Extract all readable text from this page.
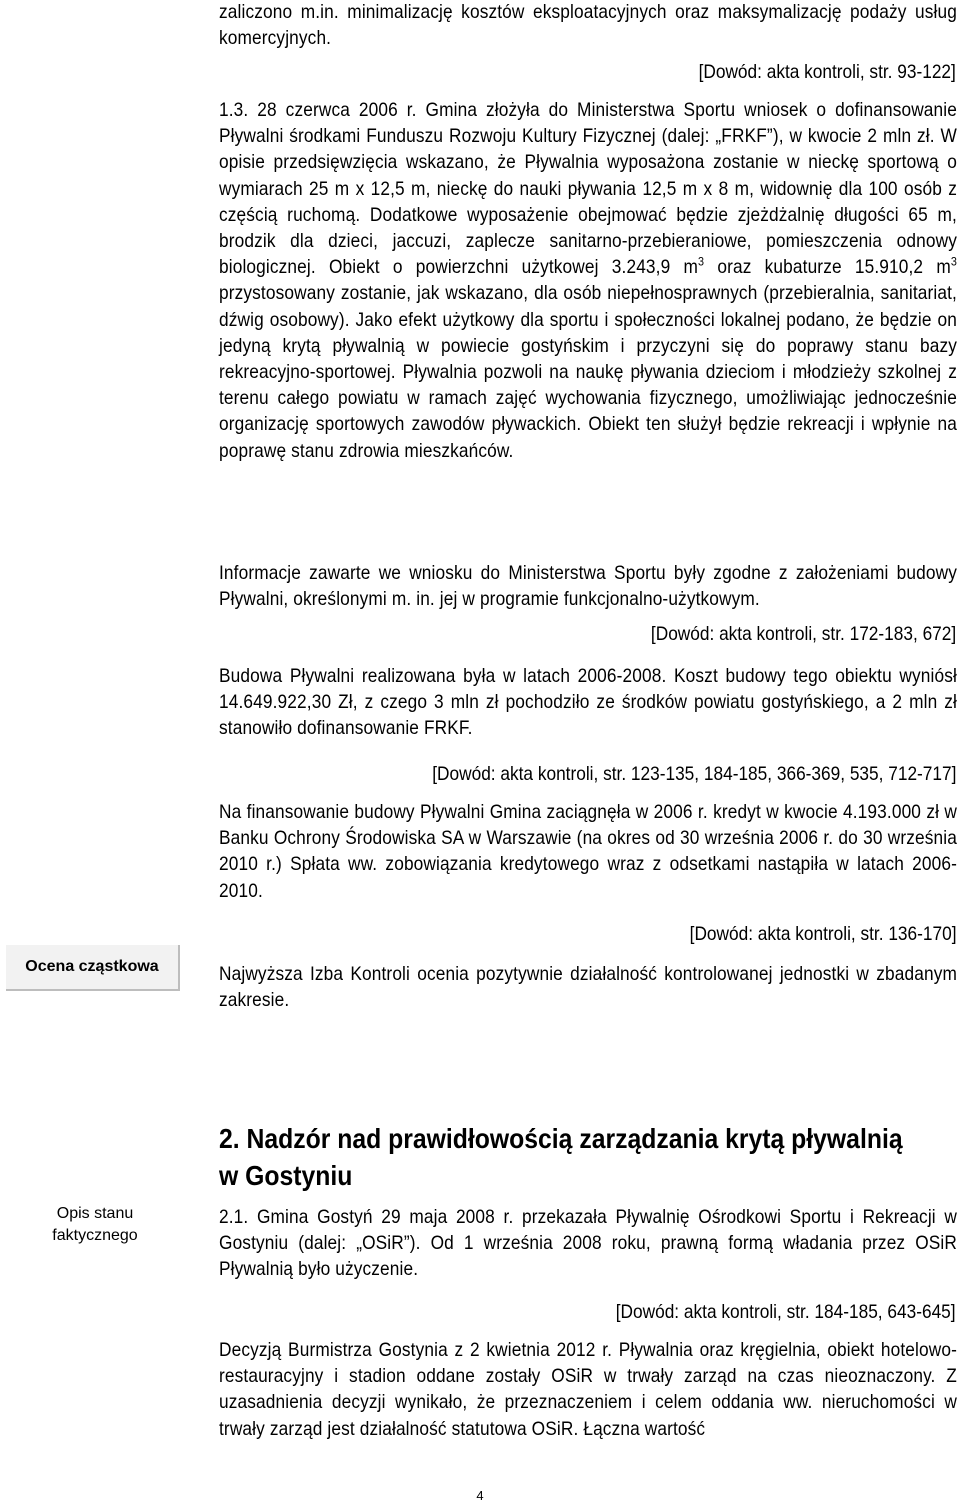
zaliczono m.in. minimalizację kosztów eksploatacyjnych oraz maksymalizację podaży usług komercyjnych.
[Dowód: akta kontroli, str. 93-122]
1.3. 28 czerwca 2006 r. Gmina złożyła do Ministerstwa Sportu wniosek o dofinansowanie Pływalni środkami Funduszu Rozwoju Kultury Fizycznej (dalej: „FRKF”), w kwocie 2 mln zł. W opisie przedsięwzięcia wskazano, że Pływalnia wyposażona zostanie w nieckę sportową o wymiarach 25 m x 12,5 m, nieckę do nauki pływania 12,5 m x 8 m, widownię dla 100 osób z częścią ruchomą. Dodatkowe wyposażenie obejmować będzie zjeżdżalnię długości 65 m, brodzik dla dzieci, jaccuzi, zaplecze sanitarno-przebieraniowe, pomieszczenia odnowy biologicznej. Obiekt o powierzchni użytkowej 3.243,9 $m^3$ oraz kubaturze 15.910,2 $m^3$ przystosowany zostanie, jak wskazano, dla osób niepełnosprawnych (przebieralnia, sanitariat, dźwig osobowy). Jako efekt użytkowy dla sportu i społeczności lokalnej podano, że będzie on jedyną krytą pływalnią w powiecie gostyńskim i przyczyni się do poprawy stanu bazy rekreacyjno-sportowej. Pływalnia pozwoli na naukę pływania dzieciom i młodzieży szkolnej z terenu całego powiatu w ramach zajęć wychowania fizycznego, umożliwiając jednocześnie organizację sportowych zawodów pływackich. Obiekt ten służył będzie rekreacji i wpłynie na poprawę stanu zdrowia mieszkańców.
Informacje zawarte we wniosku do Ministerstwa Sportu były zgodne z założeniami budowy Pływalni, określonymi m. in. jej w programie funkcjonalno-użytkowym.
[Dowód: akta kontroli, str. 172-183, 672]
Budowa Pływalni realizowana była w latach 2006-2008. Koszt budowy tego obiektu wyniósł 14.649.922,30 Zł, z czego 3 mln zł pochodziło ze środków powiatu gostyńskiego, a 2 mln zł stanowiło dofinansowanie FRKF.
[Dowód: akta kontroli, str. 123-135, 184-185, 366-369, 535, 712-717]
Na finansowanie budowy Pływalni Gmina zaciągnęła w 2006 r. kredyt w kwocie 4.193.000 zł w Banku Ochrony Środowiska SA w Warszawie (na okres od 30 września 2006 r. do 30 września 2010 r.) Spłata ww. zobowiązania kredytowego wraz z odsetkami nastąpiła w latach 2006-2010.
[Dowód: akta kontroli, str. 136-170]
Ocena cząstkowa	Najwyższa Izba Kontroli ocenia pozytywnie działalność kontrolowanej jednostki w zbadanym zakresie.
2. Nadzór nad prawidłowością zarządzania krytą pływalnią
w Gostyniu
Opis stanu
faktycznego
2.1. Gmina Gostyń 29 maja 2008 r. przekazała Pływalnię Ośrodkowi Sportu i Rekreacji w Gostyniu (dalej: „OSiR”). Od 1 września 2008 roku, prawną formą władania przez OSiR Pływalnią było użyczenie.
[Dowód: akta kontroli, str. 184-185, 643-645]
Decyzją Burmistrza Gostynia z 2 kwietnia 2012 r. Pływalnia oraz kręgielnia, obiekt hotelowo-restauracyjny i stadion oddane zostały OSiR w trwały zarząd na czas nieoznaczony. Z uzasadnienia decyzji wynikało, że przeznaczeniem i celem oddania ww. nieruchomości w trwały zarząd jest działalność statutowa OSiR. Łączna wartość
4
